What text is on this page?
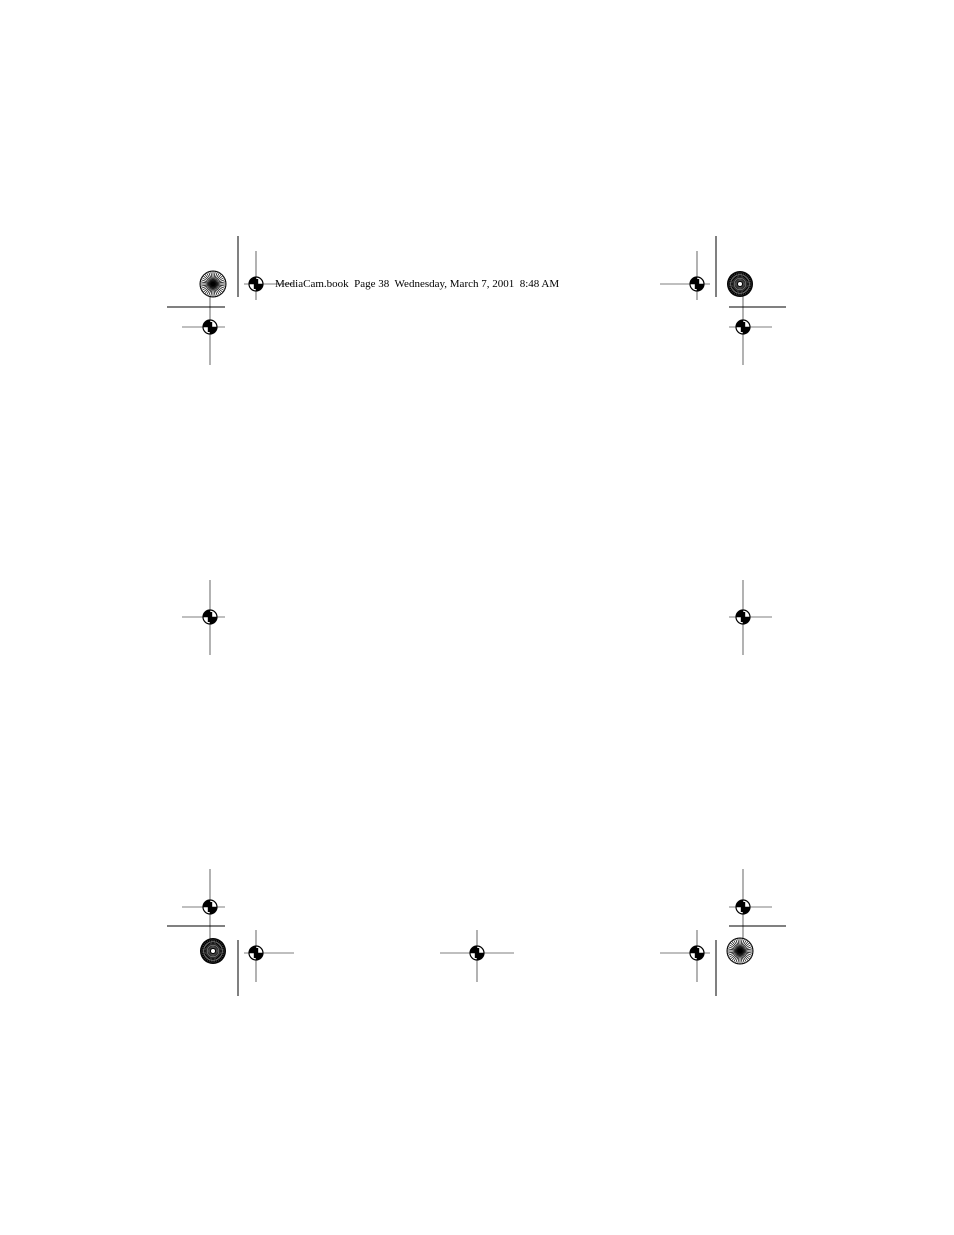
MediaCam.book  Page 38  Wednesday, March 7, 2001  8:48 AM
